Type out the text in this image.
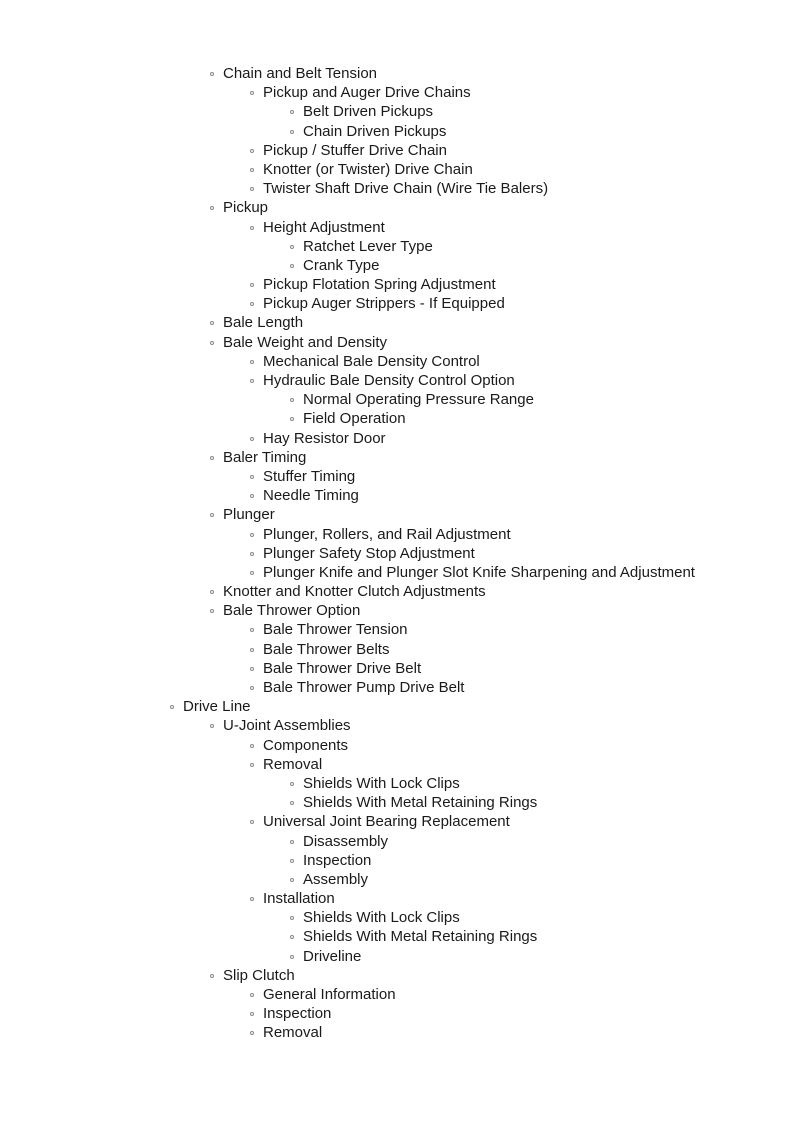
Chain and Belt Tension
Pickup and Auger Drive Chains
Belt Driven Pickups
Chain Driven Pickups
Pickup / Stuffer Drive Chain
Knotter (or Twister) Drive Chain
Twister Shaft Drive Chain (Wire Tie Balers)
Pickup
Height Adjustment
Ratchet Lever Type
Crank Type
Pickup Flotation Spring Adjustment
Pickup Auger Strippers - If Equipped
Bale Length
Bale Weight and Density
Mechanical Bale Density Control
Hydraulic Bale Density Control Option
Normal Operating Pressure Range
Field Operation
Hay Resistor Door
Baler Timing
Stuffer Timing
Needle Timing
Plunger
Plunger, Rollers, and Rail Adjustment
Plunger Safety Stop Adjustment
Plunger Knife and Plunger Slot Knife Sharpening and Adjustment
Knotter and Knotter Clutch Adjustments
Bale Thrower Option
Bale Thrower Tension
Bale Thrower Belts
Bale Thrower Drive Belt
Bale Thrower Pump Drive Belt
Drive Line
U-Joint Assemblies
Components
Removal
Shields With Lock Clips
Shields With Metal Retaining Rings
Universal Joint Bearing Replacement
Disassembly
Inspection
Assembly
Installation
Shields With Lock Clips
Shields With Metal Retaining Rings
Driveline
Slip Clutch
General Information
Inspection
Removal
